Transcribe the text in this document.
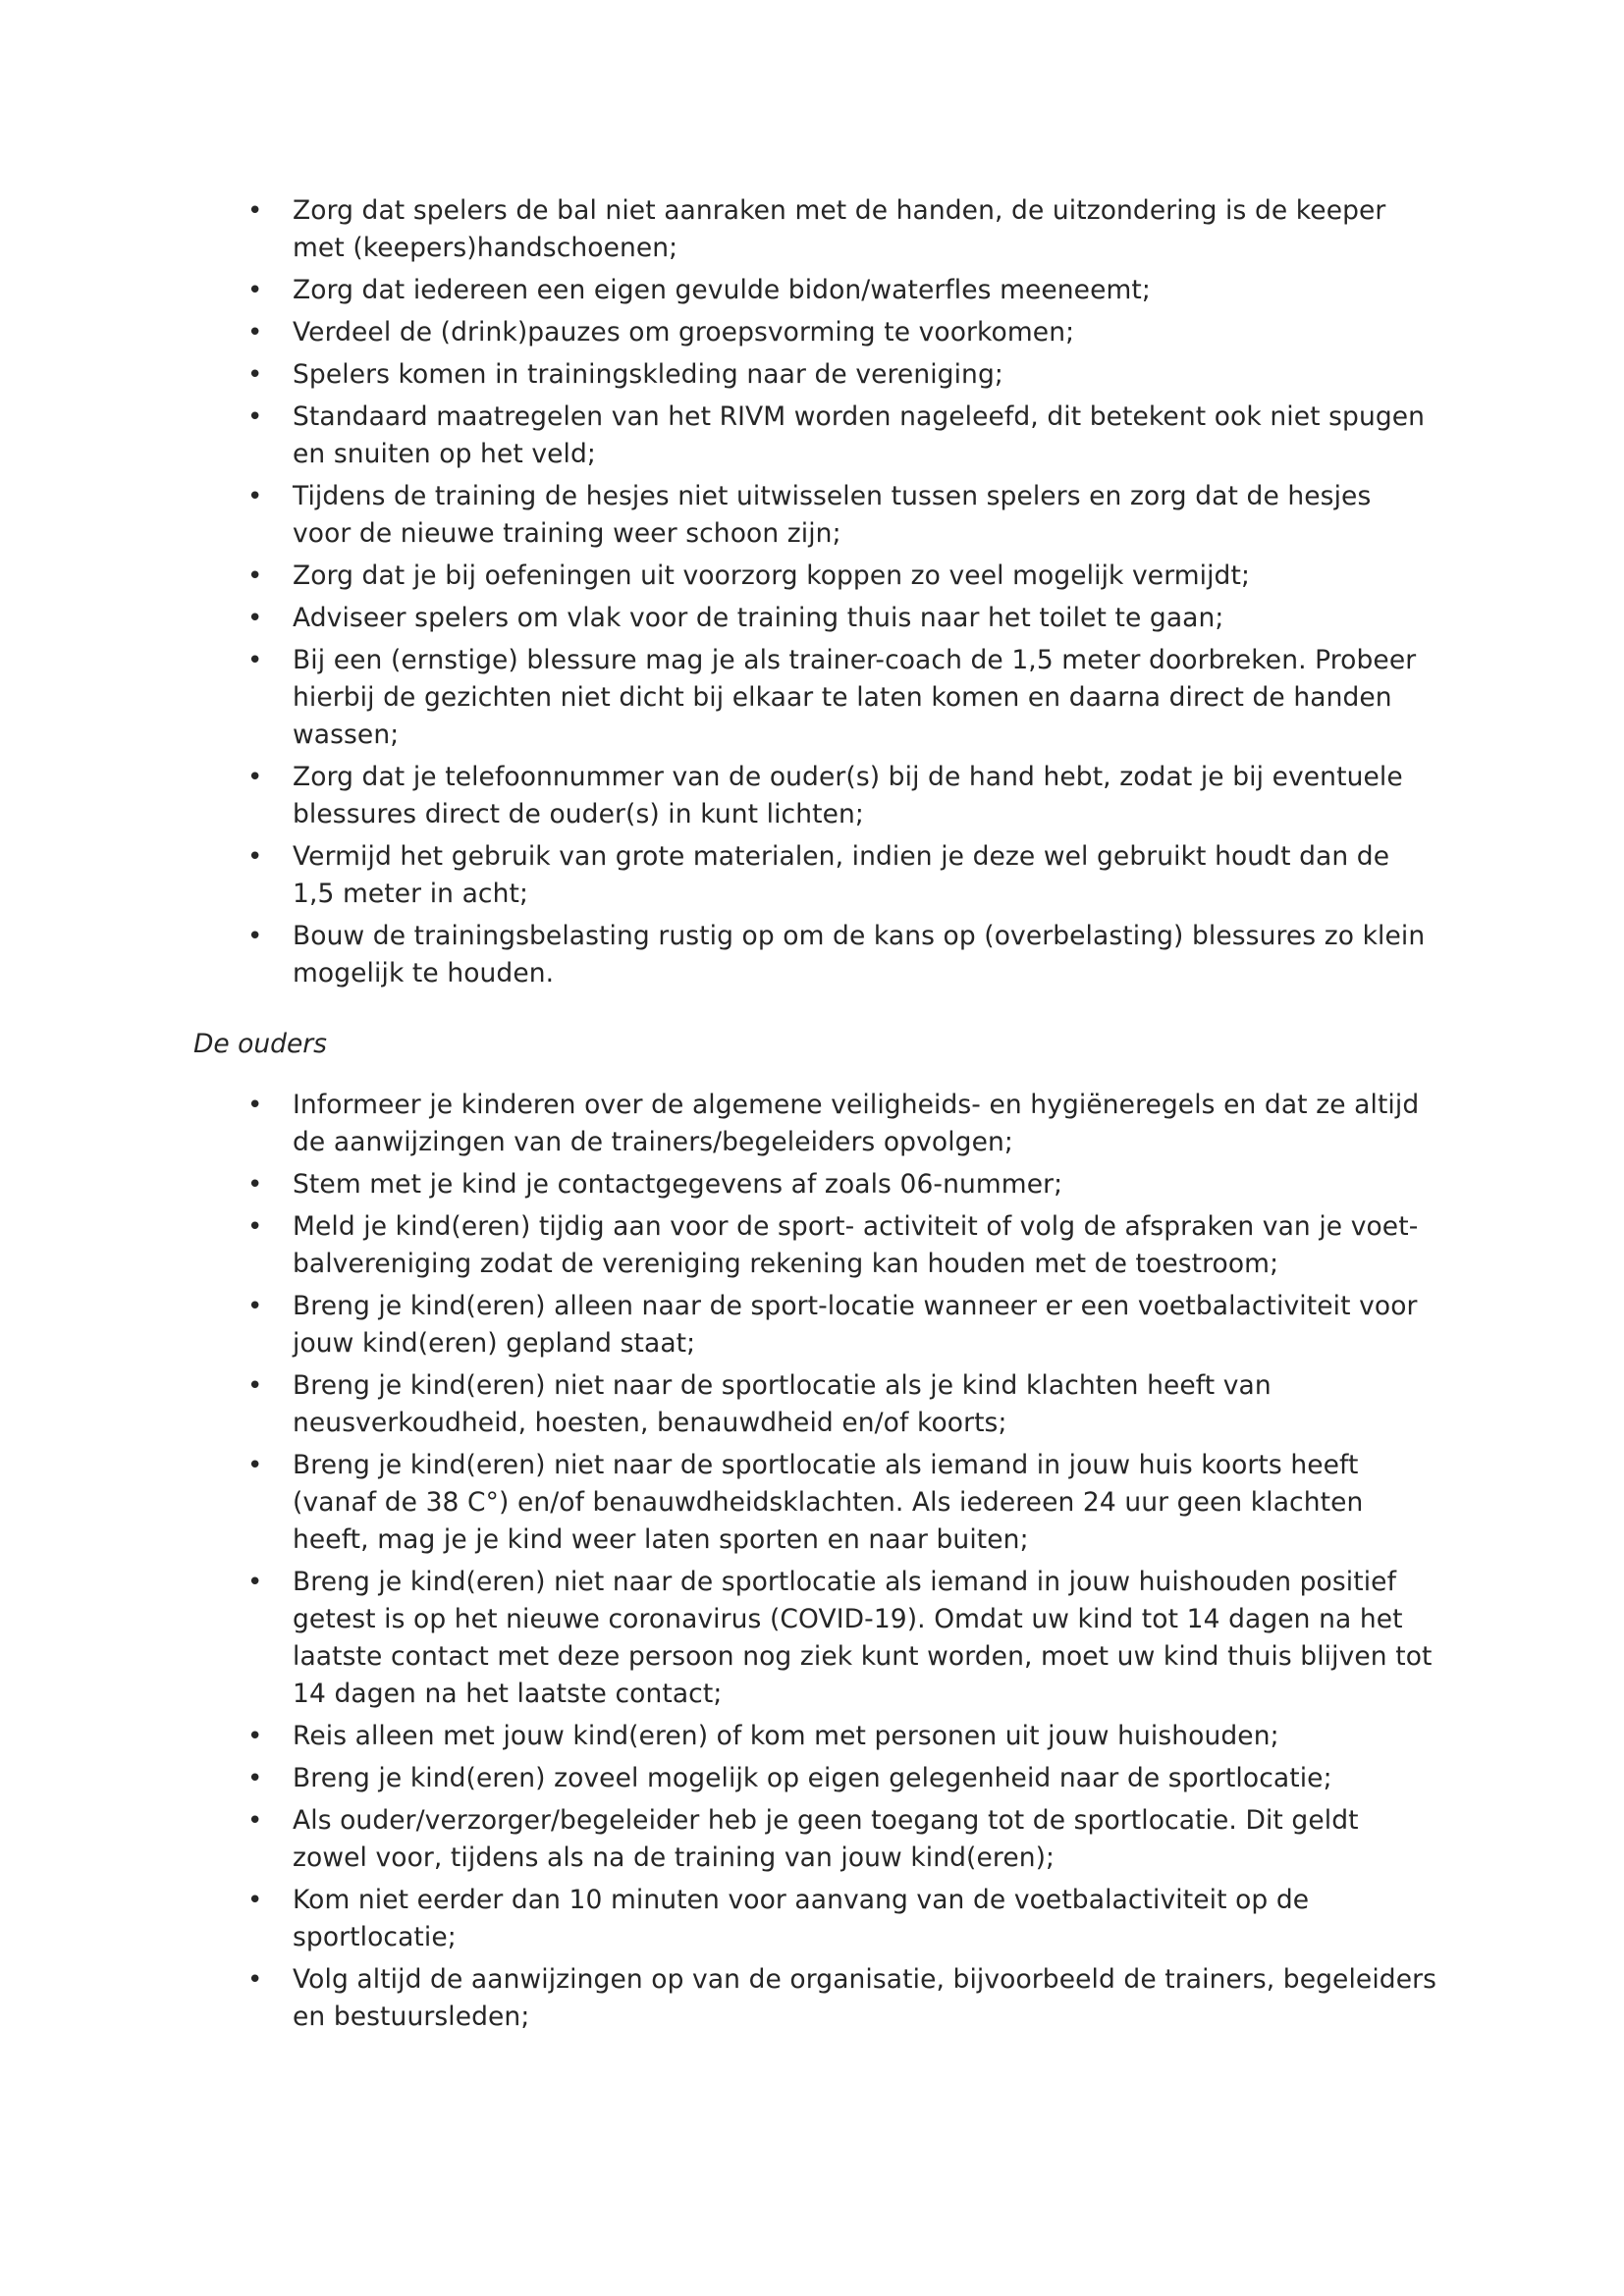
• Zorg dat spelers de bal niet aanraken met de handen, de uitzondering is de keeper met (keepers)handschoenen;
• Zorg dat iedereen een eigen gevulde bidon/waterfles meeneemt;
• Verdeel de (drink)pauzes om groepsvorming te voorkomen;
• Spelers komen in trainingskleding naar de vereniging;
• Standaard maatregelen van het RIVM worden nageleefd, dit betekent ook niet spugen en snuiten op het veld;
• Tijdens de training de hesjes niet uitwisselen tussen spelers en zorg dat de hesjes voor de nieuwe training weer schoon zijn;
• Zorg dat je bij oefeningen uit voorzorg koppen zo veel mogelijk vermijdt;
• Adviseer spelers om vlak voor de training thuis naar het toilet te gaan;
• Bij een (ernstige) blessure mag je als trainer-coach de 1,5 meter doorbreken. Probeer hierbij de gezichten niet dicht bij elkaar te laten komen en daarna direct de handen wassen;
• Zorg dat je telefoonnummer van de ouder(s) bij de hand hebt, zodat je bij eventuele blessures direct de ouder(s) in kunt lichten;
• Vermijd het gebruik van grote materialen, indien je deze wel gebruikt houdt dan de 1,5 meter in acht;
• Bouw de trainingsbelasting rustig op om de kans op (overbelasting) blessures zo klein mogelijk te houden.
De ouders
• Informeer je kinderen over de algemene veiligheids- en hygiëneregels en dat ze altijd de aanwijzingen van de trainers/begeleiders opvolgen;
• Stem met je kind je contactgegevens af zoals 06-nummer;
• Meld je kind(eren) tijdig aan voor de sport- activiteit of volg de afspraken van je voet-balvereniging zodat de vereniging rekening kan houden met de toestroom;
• Breng je kind(eren) alleen naar de sport-locatie wanneer er een voetbalactiviteit voor jouw kind(eren) gepland staat;
• Breng je kind(eren) niet naar de sportlocatie als je kind klachten heeft van neusverkoudheid, hoesten, benauwdheid en/of koorts;
• Breng je kind(eren) niet naar de sportlocatie als iemand in jouw huis koorts heeft (vanaf de 38 C°) en/of benauwdheidsklachten. Als iedereen 24 uur geen klachten heeft, mag je je kind weer laten sporten en naar buiten;
• Breng je kind(eren) niet naar de sportlocatie als iemand in jouw huishouden positief getest is op het nieuwe coronavirus (COVID-19). Omdat uw kind tot 14 dagen na het laatste contact met deze persoon nog ziek kunt worden, moet uw kind thuis blijven tot 14 dagen na het laatste contact;
• Reis alleen met jouw kind(eren) of kom met personen uit jouw huishouden;
• Breng je kind(eren) zoveel mogelijk op eigen gelegenheid naar de sportlocatie;
• Als ouder/verzorger/begeleider heb je geen toegang tot de sportlocatie. Dit geldt zowel voor, tijdens als na de training van jouw kind(eren);
• Kom niet eerder dan 10 minuten voor aanvang van de voetbalactiviteit op de sportlocatie;
• Volg altijd de aanwijzingen op van de organisatie, bijvoorbeeld de trainers, begeleiders en bestuursleden;
